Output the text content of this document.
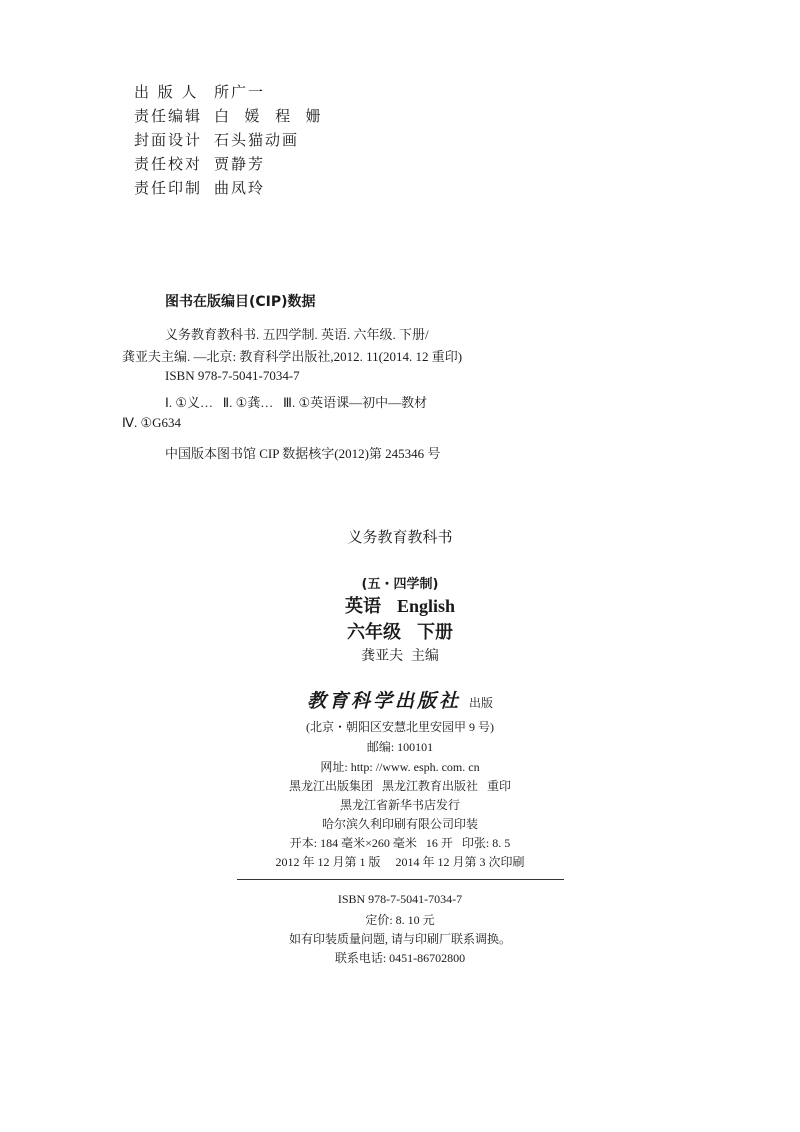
出 版 人	所广一
责任编辑 白  媛  程  姗
封面设计 石头猫动画
责任校对 贾静芳
责任印制 曲凤玲
图书在版编目(CIP)数据
义务教育教科书. 五四学制. 英语. 六年级. 下册/
龚亚夫主编. —北京: 教育科学出版社,2012. 11(2014. 12 重印)
ISBN 978-7-5041-7034-7
Ⅰ. ①义…   Ⅱ. ①龚…   Ⅲ. ①英语课—初中—教材
Ⅳ. ①G634
中国版本图书馆 CIP 数据核字(2012)第 245346 号
义务教育教科书
(五・四学制)
英语 English
六年级 下册
龚亚夫  主编
教育科学出版社 出版
(北京・朝阳区安慧北里安园甲 9 号)
邮编: 100101
网址: http: //www. esph. com. cn
黑龙江出版集团   黑龙江教育出版社   重印
黑龙江省新华书店发行
哈尔滨久利印刷有限公司印装
开本: 184 毫米×260 毫米   16 开   印张: 8. 5
2012 年 12 月第 1 版     2014 年 12 月第 3 次印刷
ISBN 978-7-5041-7034-7
定价: 8. 10 元
如有印装质量问题, 请与印刷厂联系调换。
联系电话: 0451-86702800
